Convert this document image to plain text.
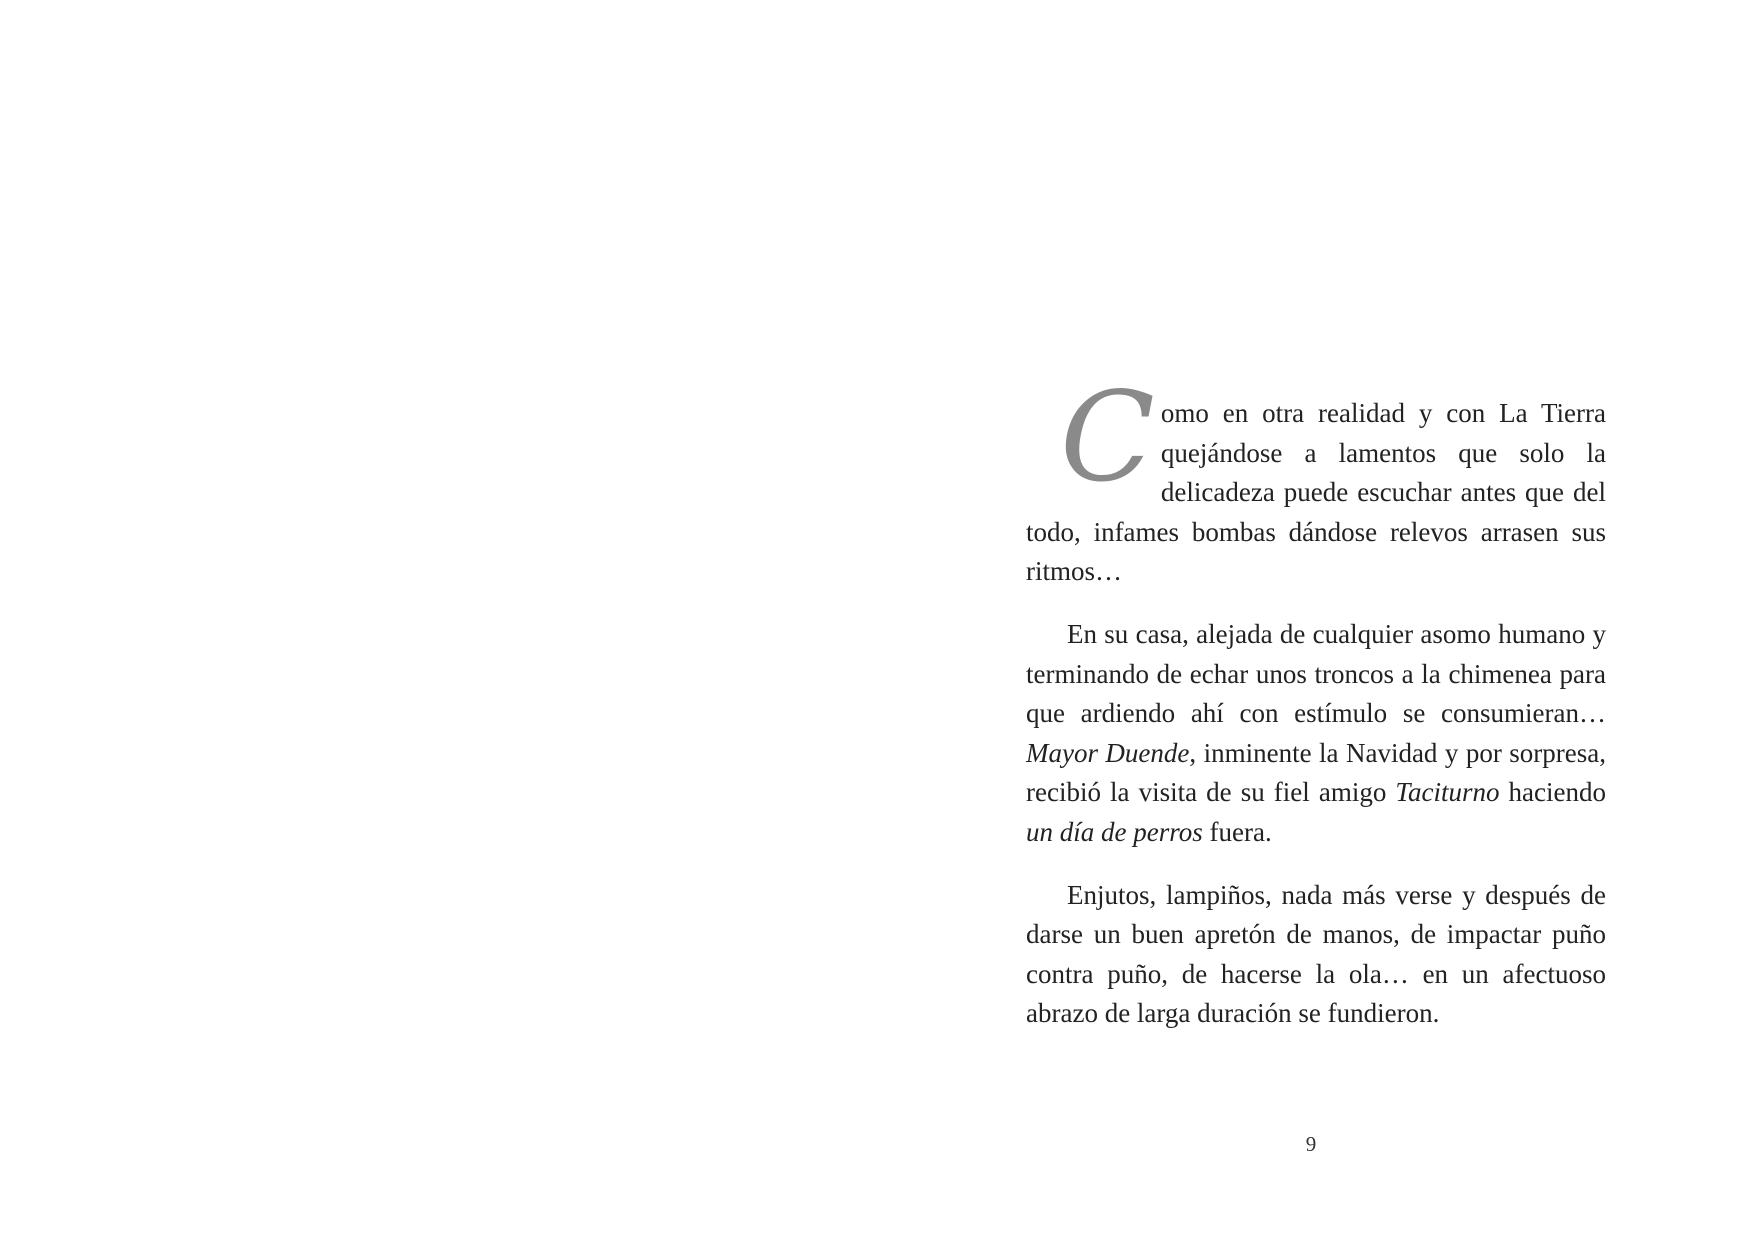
Como en otra realidad y con La Tierra quejándose a lamentos que solo la delicadeza puede escuchar antes que del todo, infames bombas dándose relevos arrasen sus ritmos…

En su casa, alejada de cualquier asomo humano y terminando de echar unos troncos a la chimenea para que ardiendo ahí con estímulo se consumieran… Mayor Duende, inminente la Navidad y por sorpresa, recibió la visita de su fiel amigo Taciturno haciendo un día de perros fuera.

Enjutos, lampiños, nada más verse y después de darse un buen apretón de manos, de impactar puño contra puño, de hacerse la ola… en un afectuoso abrazo de larga duración se fundieron.

9
